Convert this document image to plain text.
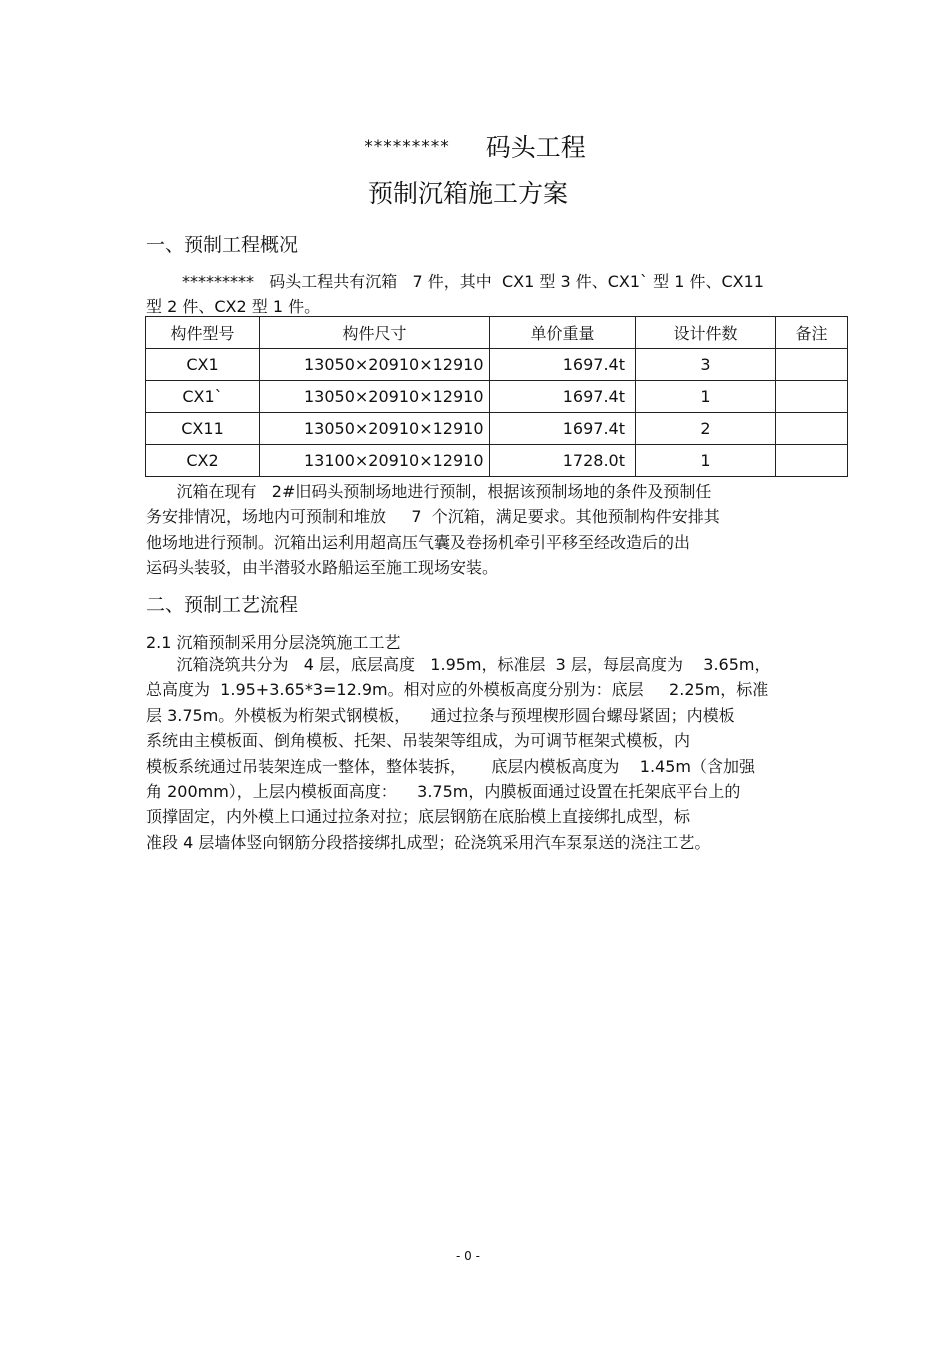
********* 码头工程
预制沉箱施工方案
一、预制工程概况
*********   码头工程共有沉箱   7 件，其中  CX1 型 3 件、CX1` 型 1 件、CX11
型 2 件、CX2 型 1 件。
构件型号	构件尺寸	单价重量	设计件数	备注
CX1	13050×20910×12910	1697.4t	3	
CX1`	13050×20910×12910	1697.4t	1	
CX11	13050×20910×12910	1697.4t	2	
CX2	13100×20910×12910	1728.0t	1	
沉箱在现有   2#旧码头预制场地进行预制，根据该预制场地的条件及预制任
务安排情况，场地内可预制和堆放     7  个沉箱，满足要求。其他预制构件安排其
他场地进行预制。沉箱出运利用超高压气囊及卷扬机牵引平移至经改造后的出
运码头装驳，由半潜驳水路船运至施工现场安装。
二、预制工艺流程
2.1 沉箱预制采用分层浇筑施工工艺
沉箱浇筑共分为   4 层，底层高度   1.95m，标准层  3 层，每层高度为    3.65m，
总高度为  1.95+3.65*3=12.9m。相对应的外模板高度分别为：底层     2.25m，标准
层 3.75m。外模板为桁架式钢模板，    通过拉条与预埋楔形圆台螺母紧固；内模板
系统由主模板面、倒角模板、托架、吊装架等组成，为可调节框架式模板，内
模板系统通过吊装架连成一整体，整体装拆，     底层内模板高度为    1.45m（含加强
角 200mm），上层内模板面高度：    3.75m，内膜板面通过设置在托架底平台上的
顶撑固定，内外模上口通过拉条对拉；底层钢筋在底胎模上直接绑扎成型，标
准段 4 层墙体竖向钢筋分段搭接绑扎成型；砼浇筑采用汽车泵泵送的浇注工艺。
- 0 -
